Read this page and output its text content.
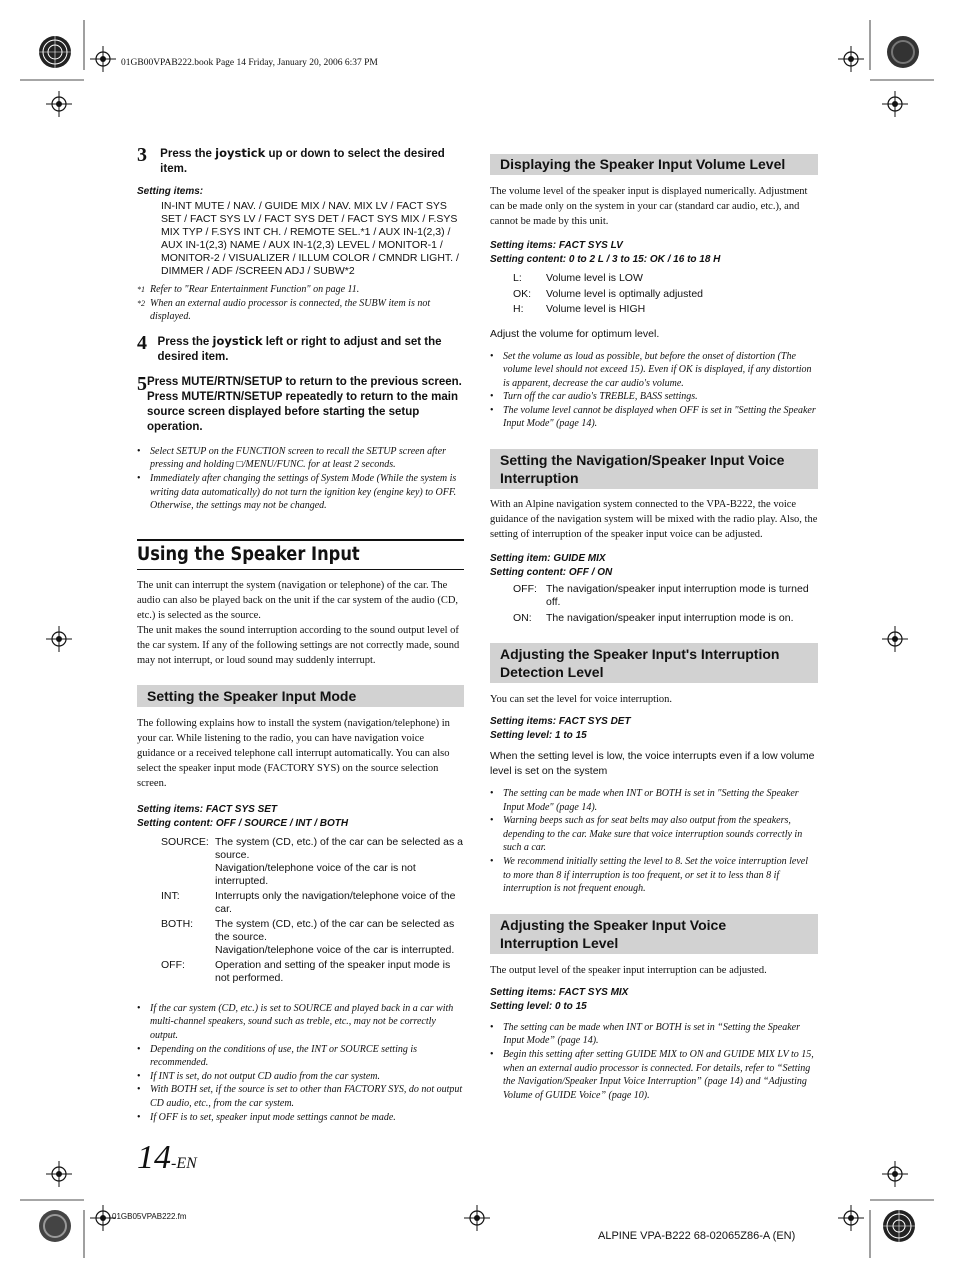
01GB00VPAB222.book Page 14 Friday, January 20, 2006 6:37 PM
3	Press the joystick up or down to select the desired item.
Setting items:
IN-INT MUTE / NAV. / GUIDE MIX / NAV. MIX LV / FACT SYS SET / FACT SYS LV / FACT SYS DET / FACT SYS MIX / F.SYS MIX TYP / F.SYS INT CH. / REMOTE SEL.*1 / AUX IN-1(2,3) / AUX IN-1(2,3) NAME / AUX IN-1(2,3) LEVEL / MONITOR-1 / MONITOR-2 / VISUALIZER / ILLUM COLOR / CMNDR LIGHT. / DIMMER / ADF /SCREEN ADJ / SUBW*2
*1 Refer to "Rear Entertainment Function" on page 11.
*2 When an external audio processor is connected, the SUBW item is not displayed.
4 Press the joystick left or right to adjust and set the desired item.
5 Press MUTE/RTN/SETUP to return to the previous screen. Press MUTE/RTN/SETUP repeatedly to return to the main source screen displayed before starting the setup operation.
• Select SETUP on the FUNCTION screen to recall the SETUP screen after pressing and holding □/MENU/FUNC. for at least 2 seconds.
• Immediately after changing the settings of System Mode (While the system is writing data automatically) do not turn the ignition key (engine key) to OFF. Otherwise, the settings may not be changed.
Using the Speaker Input
The unit can interrupt the system (navigation or telephone) of the car. The audio can also be played back on the unit if the car system of the audio (CD, etc.) is selected as the source.
The unit makes the sound interruption according to the sound output level of the car system. If any of the following settings are not correctly made, sound may not interrupt, or loud sound may suddenly interrupt.
Setting the Speaker Input Mode
The following explains how to install the system (navigation/telephone) in your car. While listening to the radio, you can have navigation voice guidance or a received telephone call interrupt automatically. You can also select the speaker input mode (FACTORY SYS) on the source selection screen.
Setting items: FACT SYS SET
Setting content: OFF / SOURCE / INT / BOTH
SOURCE: The system (CD, etc.) of the car can be selected as a source.
Navigation/telephone voice of the car is not interrupted.
INT:	Interrupts only the navigation/telephone voice of the car.
BOTH:	The system (CD, etc.) of the car can be selected as the source.
Navigation/telephone voice of the car is interrupted.
OFF:	Operation and setting of the speaker input mode is not performed.
• If the car system (CD, etc.) is set to SOURCE and played back in a car with multi-channel speakers, sound such as treble, etc., may not be correctly output.
• Depending on the conditions of use, the INT or SOURCE setting is recommended.
• If INT is set, do not output CD audio from the car system.
• With BOTH set, if the source is set to other than FACTORY SYS, do not output CD audio, etc., from the car system.
• If OFF is to set, speaker input mode settings cannot be made.
14-EN
01GB05VPAB222.fm
Displaying the Speaker Input Volume Level
The volume level of the speaker input is displayed numerically. Adjustment can be made only on the system in your car (standard car audio, etc.), and cannot be made by this unit.
Setting items: FACT SYS LV
Setting content: 0 to 2 L / 3 to 15: OK / 16 to 18 H
L:	Volume level is LOW
OK:	Volume level is optimally adjusted
H:	Volume level is HIGH
Adjust the volume for optimum level.
• Set the volume as loud as possible, but before the onset of distortion (The volume level should not exceed 15). Even if OK is displayed, if any distortion is apparent, decrease the car audio's volume.
• Turn off the car audio's TREBLE, BASS settings.
• The volume level cannot be displayed when OFF is set in "Setting the Speaker Input Mode" (page 14).
Setting the Navigation/Speaker Input Voice Interruption
With an Alpine navigation system connected to the VPA-B222, the voice guidance of the navigation system will be mixed with the radio play. Also, the setting of interruption of the speaker input voice can be adjusted.
Setting item: GUIDE MIX
Setting content: OFF / ON
OFF: The navigation/speaker input interruption mode is turned off.
ON:	The navigation/speaker input interruption mode is on.
Adjusting the Speaker Input's Interruption Detection Level
You can set the level for voice interruption.
Setting items: FACT SYS DET
Setting level: 1 to 15
When the setting level is low, the voice interrupts even if a low volume level is set on the system
• The setting can be made when INT or BOTH is set in "Setting the Speaker Input Mode" (page 14).
• Warning beeps such as for seat belts may also output from the speakers, depending to the car. Make sure that voice interruption sounds correctly in such a car.
• We recommend initially setting the level to 8. Set the voice interruption level to more than 8 if interruption is too frequent, or set it to less than 8 if interruption is not frequent enough.
Adjusting the Speaker Input Voice Interruption Level
The output level of the speaker input interruption can be adjusted.
Setting items: FACT SYS MIX
Setting level: 0 to 15
• The setting can be made when INT or BOTH is set in “Setting the Speaker Input Mode” (page 14).
• Begin this setting after setting GUIDE MIX to ON and GUIDE MIX LV to 15, when an external audio processor is connected. For details, refer to “Setting the Navigation/Speaker Input Voice Interruption” (page 14) and “Adjusting Volume of GUIDE Voice” (page 10).
ALPINE VPA-B222 68-02065Z86-A (EN)
